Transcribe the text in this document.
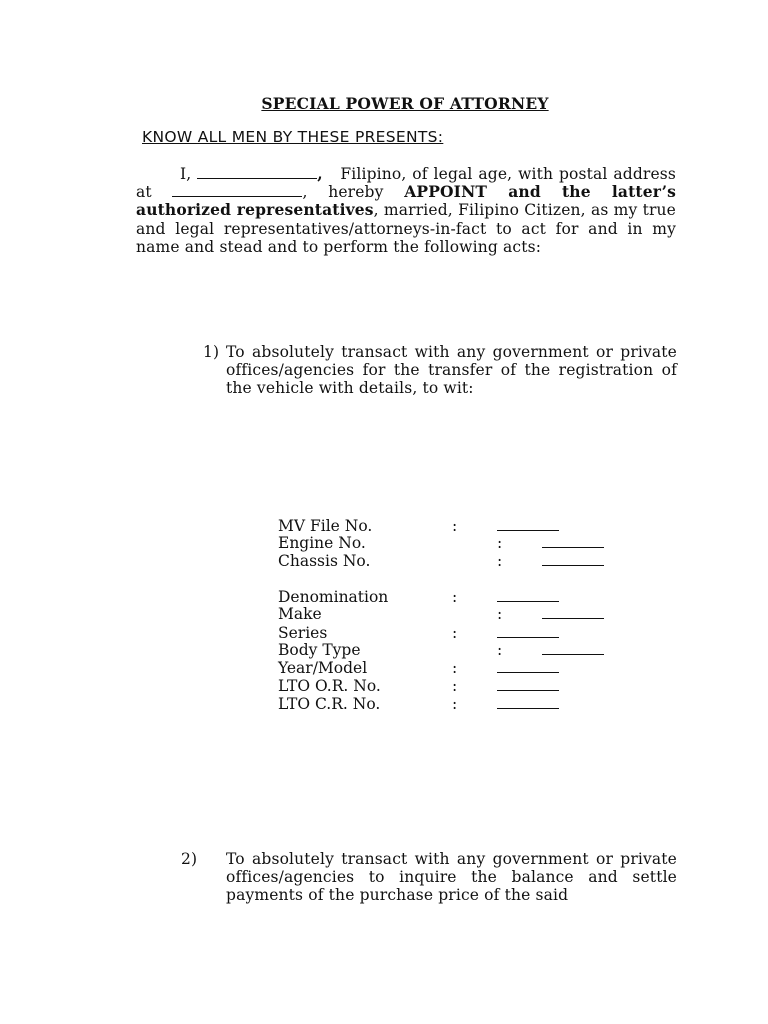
SPECIAL POWER OF ATTORNEY
KNOW ALL MEN BY THESE PRESENTS:
I,	, Filipino, of legal age, with postal address at	, hereby APPOINT and the latter’s authorized representatives, married, Filipino Citizen, as my true and legal representatives/attorneys-in-fact to act for and in my name and stead and to perform the following acts:
1) To absolutely transact with any government or private offices/agencies for the transfer of the registration of the vehicle with details, to wit:
MV File No.	:
Engine No.	:
Chassis No.	:
Denomination	:
Make	:
Series	:
Body Type	:
Year/Model	:
LTO O.R. No.	:
LTO C.R. No.	:
2) To absolutely transact with any government or private offices/agencies to inquire the balance and settle payments of the purchase price of the said
